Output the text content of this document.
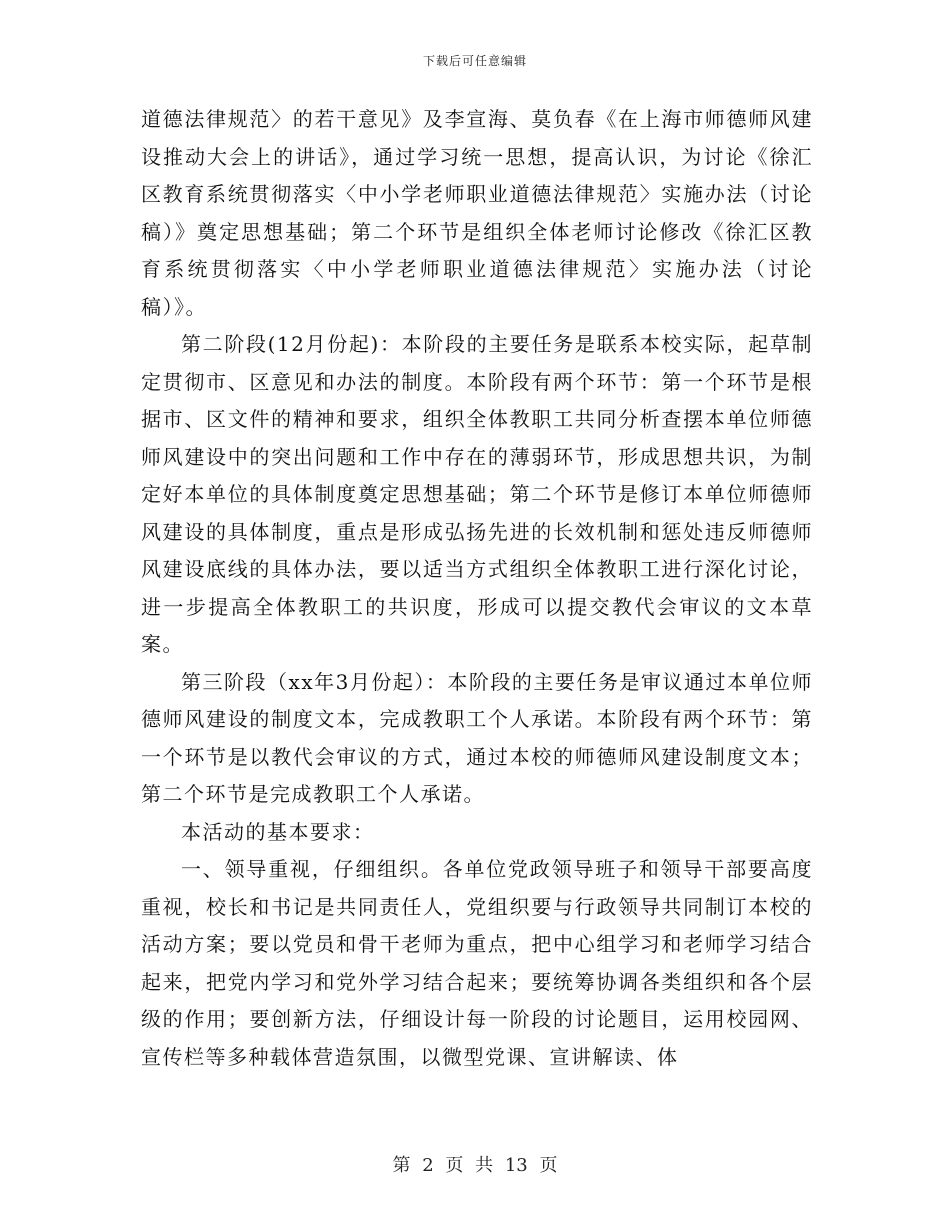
下载后可任意编辑

道德法律规范〉的若干意见》及李宣海、莫负春《在上海市师德师风建设推动大会上的讲话》，通过学习统一思想，提高认识，为讨论《徐汇区教育系统贯彻落实〈中小学老师职业道德法律规范〉实施办法（讨论稿）》奠定思想基础；第二个环节是组织全体老师讨论修改《徐汇区教育系统贯彻落实〈中小学老师职业道德法律规范〉实施办法（讨论稿）》。

第二阶段(12月份起)：本阶段的主要任务是联系本校实际，起草制定贯彻市、区意见和办法的制度。本阶段有两个环节：第一个环节是根据市、区文件的精神和要求，组织全体教职工共同分析查摆本单位师德师风建设中的突出问题和工作中存在的薄弱环节，形成思想共识，为制定好本单位的具体制度奠定思想基础；第二个环节是修订本单位师德师风建设的具体制度，重点是形成弘扬先进的长效机制和惩处违反师德师风建设底线的具体办法，要以适当方式组织全体教职工进行深化讨论，进一步提高全体教职工的共识度，形成可以提交教代会审议的文本草案。

第三阶段（xx年3月份起）：本阶段的主要任务是审议通过本单位师德师风建设的制度文本，完成教职工个人承诺。本阶段有两个环节：第一个环节是以教代会审议的方式，通过本校的师德师风建设制度文本；第二个环节是完成教职工个人承诺。

本活动的基本要求：

一、领导重视，仔细组织。各单位党政领导班子和领导干部要高度重视，校长和书记是共同责任人，党组织要与行政领导共同制订本校的活动方案；要以党员和骨干老师为重点，把中心组学习和老师学习结合起来，把党内学习和党外学习结合起来；要统筹协调各类组织和各个层级的作用；要创新方法，仔细设计每一阶段的讨论题目，运用校园网、宣传栏等多种载体营造氛围，以微型党课、宣讲解读、体

第 2 页 共 13 页
